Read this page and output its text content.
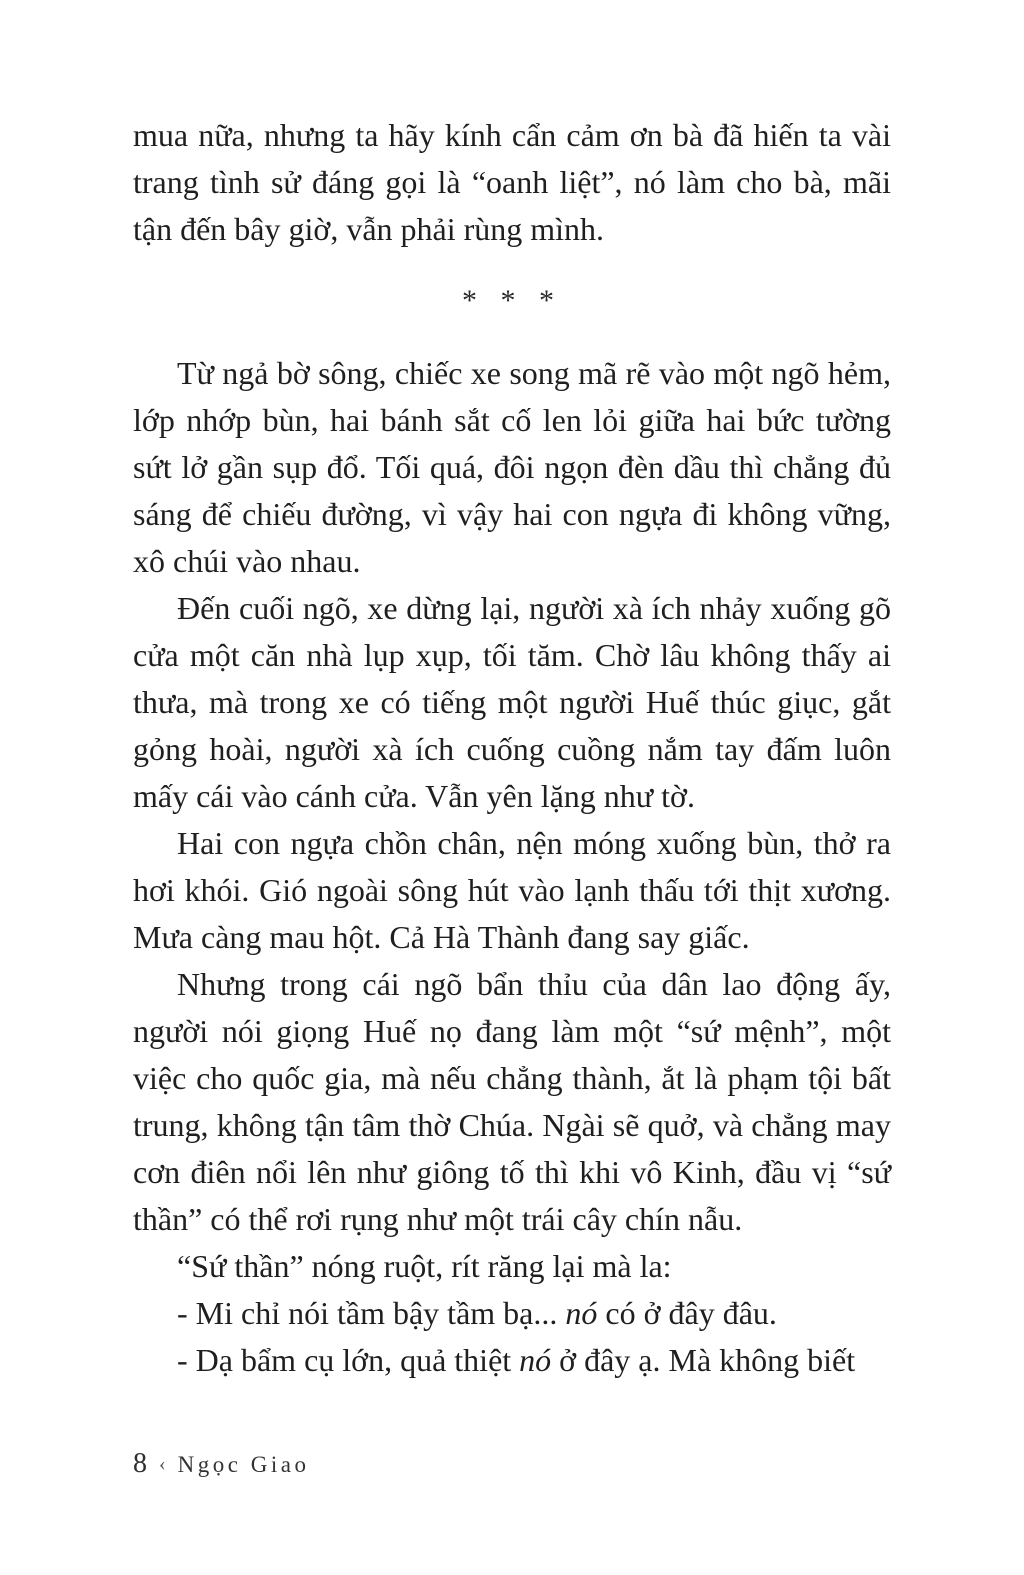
mua nữa, nhưng ta hãy kính cẩn cảm ơn bà đã hiến ta vài trang tình sử đáng gọi là “oanh liệt”, nó làm cho bà, mãi tận đến bây giờ, vẫn phải rùng mình.

* * *

Từ ngả bờ sông, chiếc xe song mã rẽ vào một ngõ hẻm, lớp nhớp bùn, hai bánh sắt cố len lỏi giữa hai bức tường sứt lở gần sụp đổ. Tối quá, đôi ngọn đèn dầu thì chẳng đủ sáng để chiếu đường, vì vậy hai con ngựa đi không vững, xô chúi vào nhau.

Đến cuối ngõ, xe dừng lại, người xà ích nhảy xuống gõ cửa một căn nhà lụp xụp, tối tăm. Chờ lâu không thấy ai thưa, mà trong xe có tiếng một người Huế thúc giục, gắt gỏng hoài, người xà ích cuống cuồng nắm tay đấm luôn mấy cái vào cánh cửa. Vẫn yên lặng như tờ.

Hai con ngựa chồn chân, nện móng xuống bùn, thở ra hơi khói. Gió ngoài sông hút vào lạnh thấu tới thịt xương. Mưa càng mau hột. Cả Hà Thành đang say giấc.

Nhưng trong cái ngõ bẩn thỉu của dân lao động ấy, người nói giọng Huế nọ đang làm một “sứ mệnh”, một việc cho quốc gia, mà nếu chẳng thành, ắt là phạm tội bất trung, không tận tâm thờ Chúa. Ngài sẽ quở, và chẳng may cơn điên nổi lên như giông tố thì khi vô Kinh, đầu vị “sứ thần” có thể rơi rụng như một trái cây chín nẫu.

“Sứ thần” nóng ruột, rít răng lại mà la:

- Mi chỉ nói tầm bậy tầm bạ... nó có ở đây đâu.

- Dạ bẩm cụ lớn, quả thiệt nó ở đây ạ. Mà không biết

8 ‹ Ngọc Giao
